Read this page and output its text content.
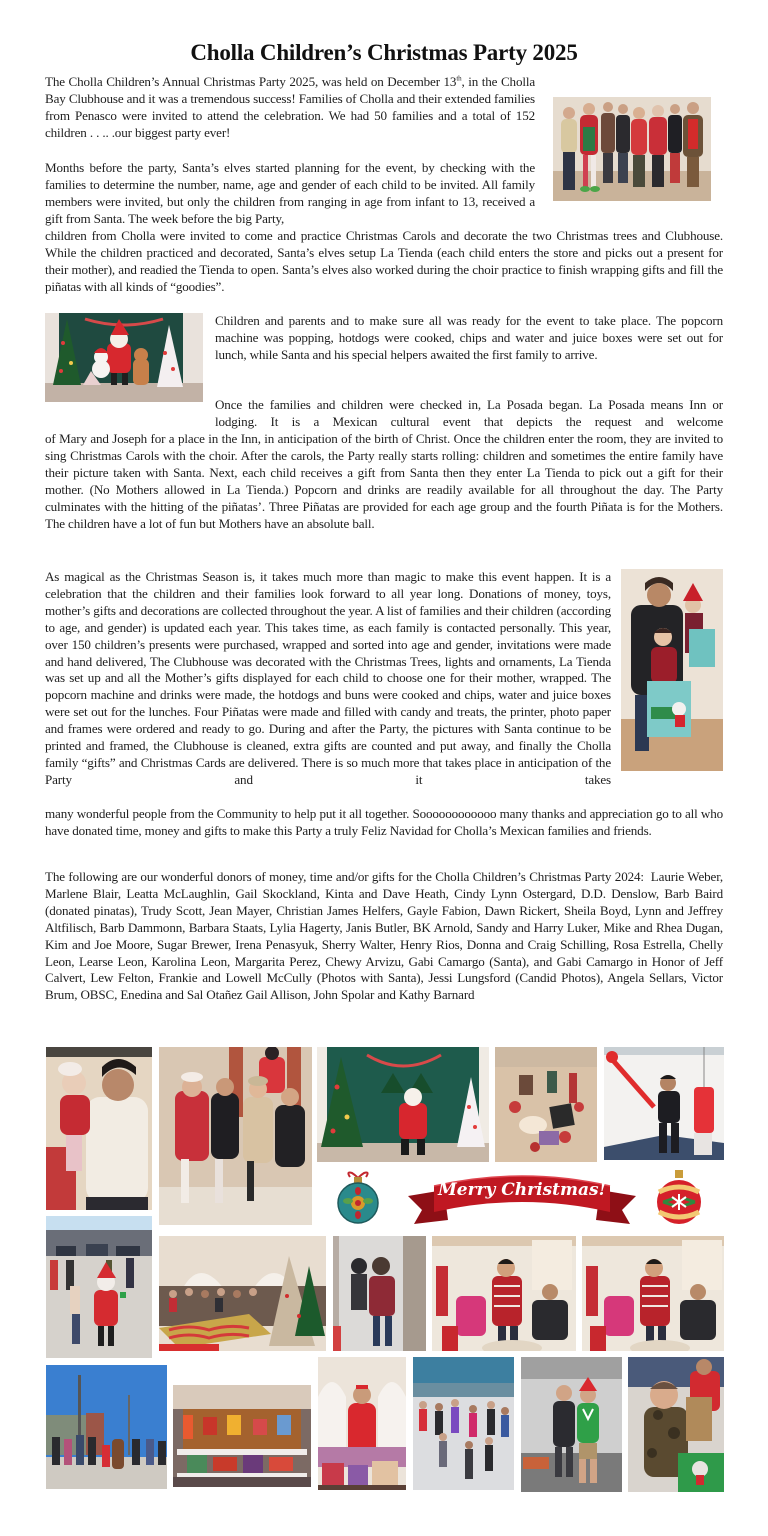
Cholla Children’s Christmas Party 2025

The Cholla Children’s Annual Christmas Party 2025, was held on December 13th, in the Cholla Bay Clubhouse and it was a tremendous success! Families of Cholla and their extended families from Penasco were invited to attend the celebration. We had 50 families and a total of 152 children . . .. .our biggest party ever!

Months before the party, Santa’s elves started planning for the event, by checking with the families to determine the number, name, age and gender of each child to be invited. All family members were invited, but only the children from ranging in age from infant to 13, received a gift from Santa. The week before the big Party,

children from Cholla were invited to come and practice Christmas Carols and decorate the two Christmas trees and Clubhouse. While the children practiced and decorated, Santa’s elves setup La Tienda (each child enters the store and picks out a present for their mother), and readied the Tienda to open. Santa’s elves also worked during the choir practice to finish wrapping gifts and fill the piñatas with all kinds of “goodies”.

Children and parents and to make sure all was ready for the event to take place. The popcorn machine was popping, hotdogs were cooked, chips and water and juice boxes were set out for lunch, while Santa and his special helpers awaited the first family to arrive.

Once the families and children were checked in, La Posada began. La Posada means Inn or lodging. It is a Mexican cultural event that depicts the request and welcome

of Mary and Joseph for a place in the Inn, in anticipation of the birth of Christ. Once the children enter the room, they are invited to sing Christmas Carols with the choir. After the carols, the Party really starts rolling: children and sometimes the entire family have their picture taken with Santa. Next, each child receives a gift from Santa then they enter La Tienda to pick out a gift for their mother. (No Mothers allowed in La Tienda.) Popcorn and drinks are readily available for all throughout the day. The Party culminates with the hitting of the piñatas’. Three Piñatas are provided for each age group and the fourth Piñata is for the Mothers. The children have a lot of fun but Mothers have an absolute ball.

As magical as the Christmas Season is, it takes much more than magic to make this event happen. It is a celebration that the children and their families look forward to all year long. Donations of money, toys, mother’s gifts and decorations are collected throughout the year. A list of families and their children (according to age, and gender) is updated each year. This takes time, as each family is contacted personally. This year, over 150 children’s presents were purchased, wrapped and sorted into age and gender, invitations were made and hand delivered, The Clubhouse was decorated with the Christmas Trees, lights and ornaments, La Tienda was set up and all the Mother’s gifts displayed for each child to choose one for their mother, wrapped. The popcorn machine and drinks were made, the hotdogs and buns were cooked and chips, water and juice boxes were set out for the lunches. Four Piñatas were made and filled with candy and treats, the printer, photo paper and frames were ordered and ready to go. During and after the Party, the pictures with Santa continue to be printed and framed, the Clubhouse is cleaned, extra gifts are counted and put away, and finally the Cholla family “gifts” and Christmas Cards are delivered. There is so much more that takes place in anticipation of the Party and it takes

many wonderful people from the Community to help put it all together. Soooooooooooo many thanks and appreciation go to all who have donated time, money and gifts to make this Party a truly Feliz Navidad for Cholla’s Mexican families and friends.

The following are our wonderful donors of money, time and/or gifts for the Cholla Children’s Christmas Party 2024:  Laurie Weber, Marlene Blair, Leatta McLaughlin, Gail Skockland, Kinta and Dave Heath, Cindy Lynn Ostergard, D.D. Denslow, Barb Baird (donated pinatas), Trudy Scott, Jean Mayer, Christian James Helfers, Gayle Fabion, Dawn Rickert, Sheila Boyd, Lynn and Jeffrey Altfilisch, Barb Dammonn, Barbara Staats, Lylia Hagerty, Janis Butler, BK Arnold, Sandy and Harry Luker, Mike and Rhea Dugan, Kim and Joe Moore, Sugar Brewer, Irena Penasyuk, Sherry Walter, Henry Rios, Donna and Craig Schilling, Rosa Estrella, Chelly Leon, Learse Leon, Karolina Leon, Margarita Perez, Chewy Arvizu, Gabi Camargo (Santa), and Gabi Camargo in Honor of Jeff Calvert, Lew Felton, Frankie and Lowell McCully (Photos with Santa), Jessi Lungsford (Candid Photos), Angela Sellars, Victor Brum, OBSC, Enedina and Sal Otañez Gail Allison, John Spolar and Kathy Barnard

Merry Christmas!
